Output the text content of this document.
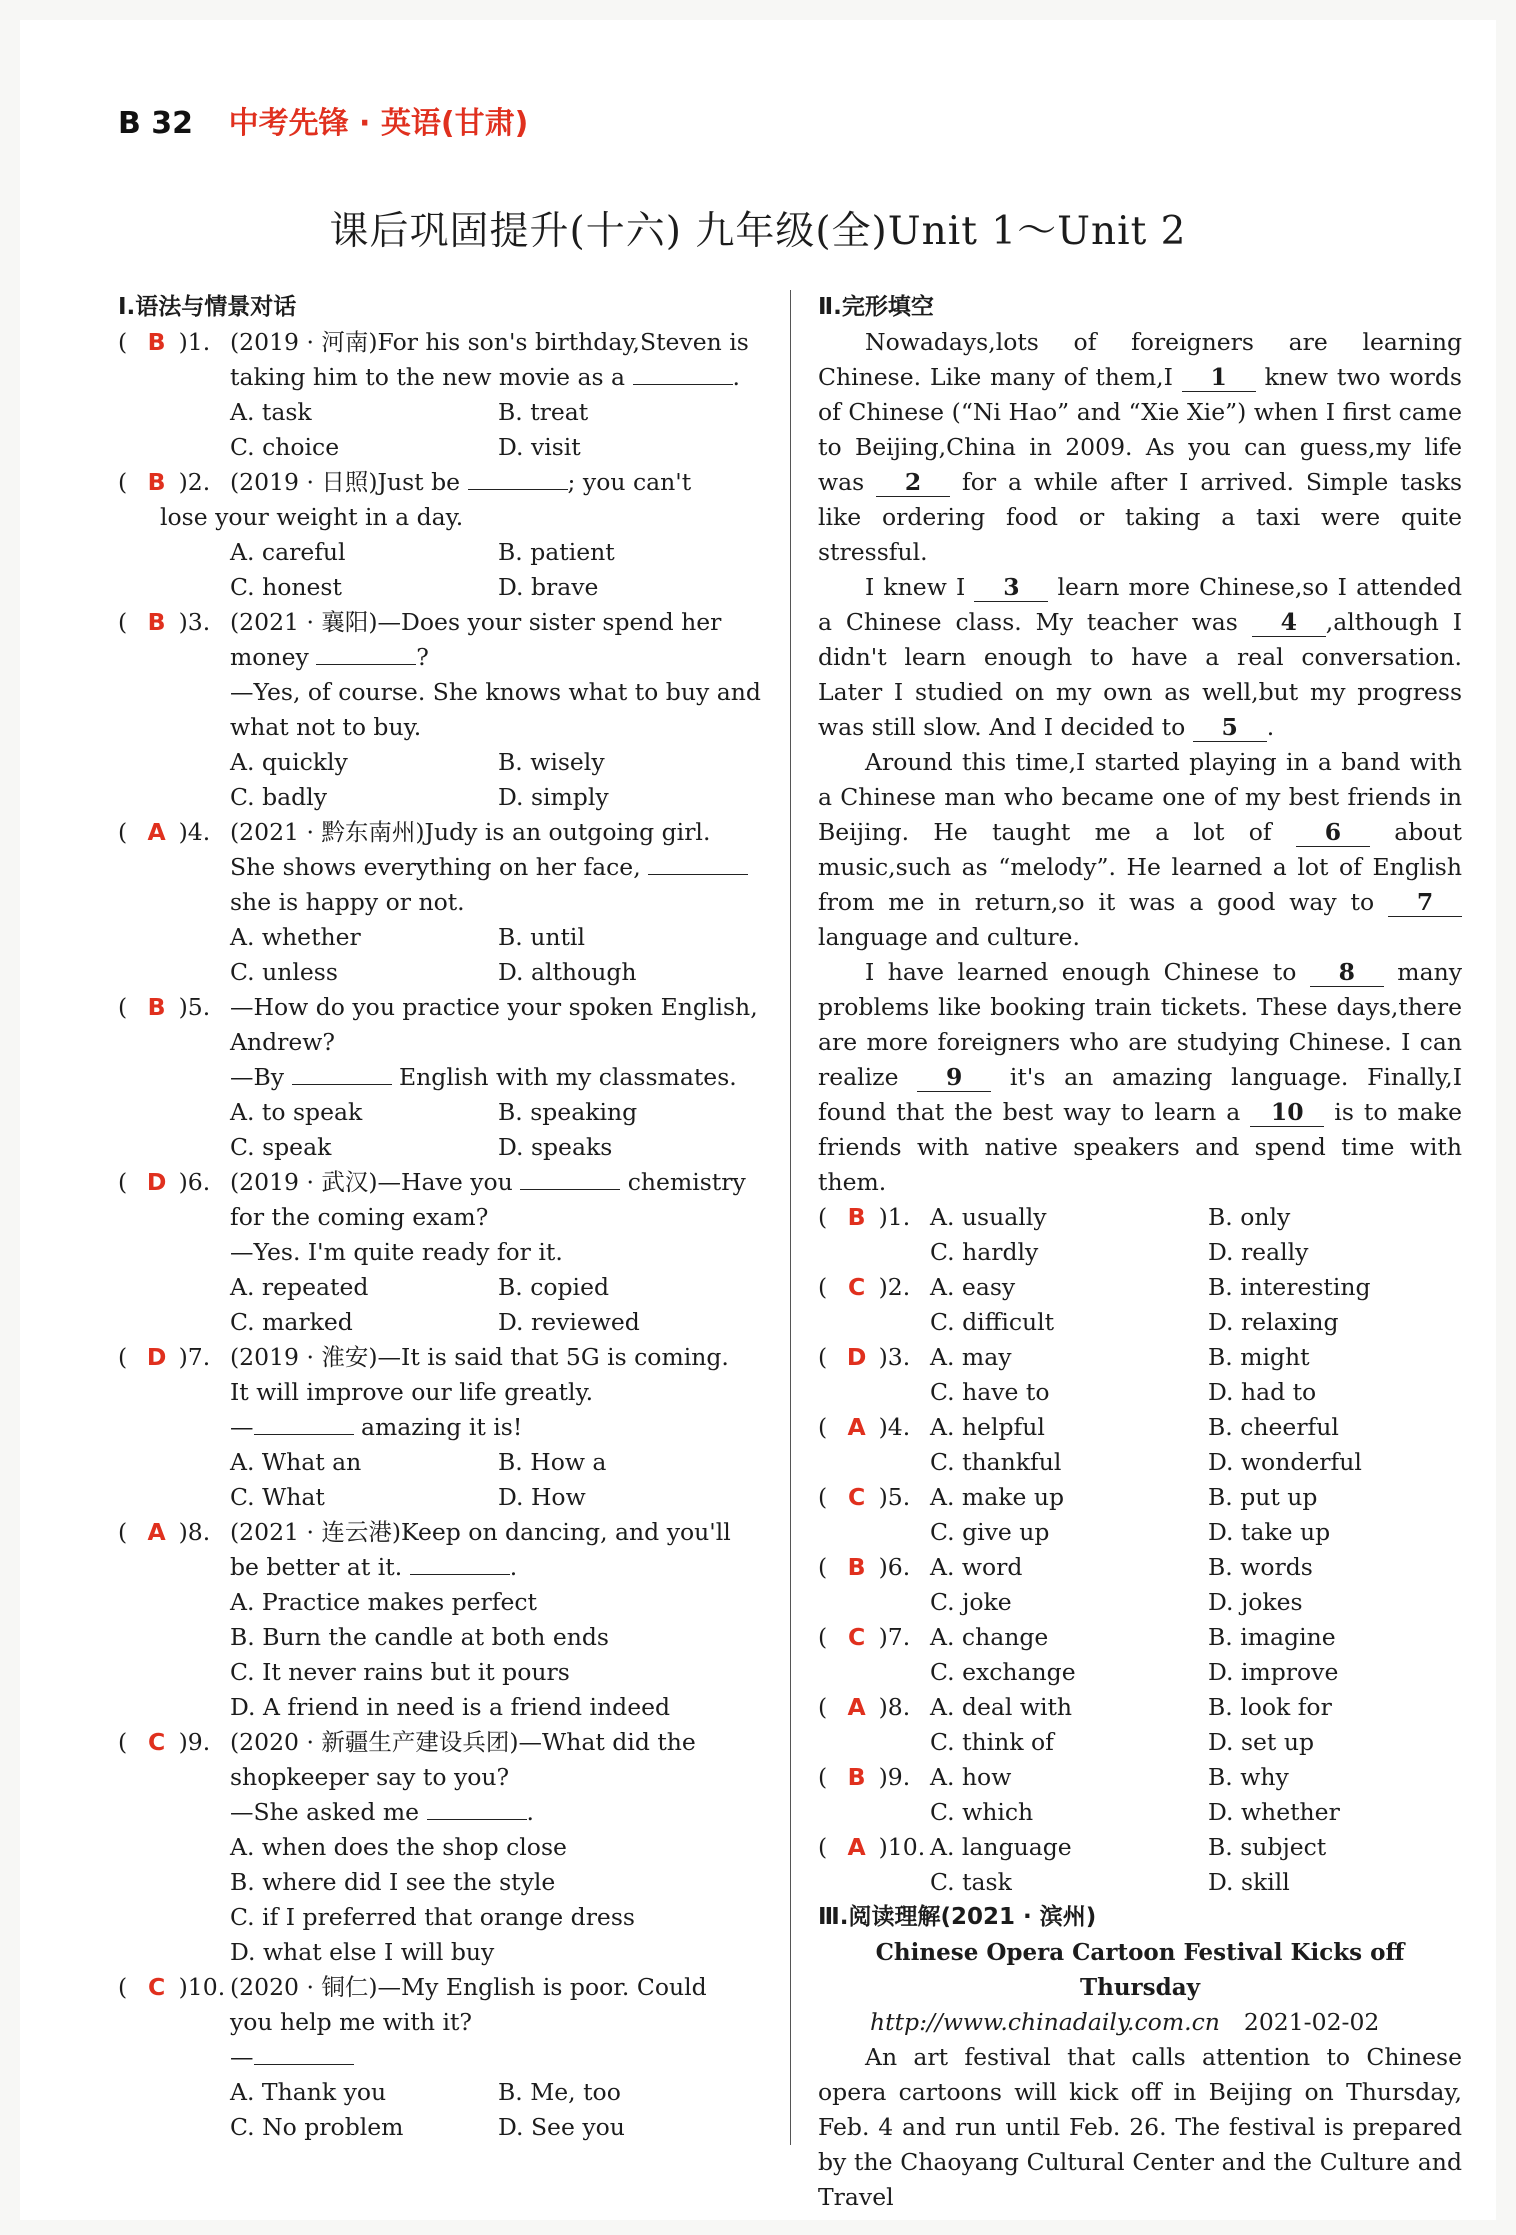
B 32 中考先锋 · 英语(甘肃)
课后巩固提升(十六) 九年级(全)Unit 1～Unit 2
Ⅰ.语法与情景对话
( B )1. (2019 · 河南)For his son's birthday,Steven is
taking him to the new movie as a	.
A. task	B. treat
C. choice	D. visit
( B )2. (2019 · 日照)Just be	; you can't
lose your weight in a day.
A. careful	B. patient
C. honest	D. brave
( B )3. (2021 · 襄阳)—Does your sister spend her
money	?
—Yes, of course. She knows what to buy and
what not to buy.
A. quickly	B. wisely
C. badly	D. simply
( A )4. (2021 · 黔东南州)Judy is an outgoing girl.
She shows everything on her face,
she is happy or not.
A. whether	B. until
C. unless	D. although
( B )5. —How do you practice your spoken English,
Andrew?
—By	English with my classmates.
A. to speak	B. speaking
C. speak	D. speaks
( D )6. (2019 · 武汉)—Have you	chemistry
for the coming exam?
—Yes. I'm quite ready for it.
A. repeated	B. copied
C. marked	D. reviewed
( D )7. (2019 · 淮安)—It is said that 5G is coming.
It will improve our life greatly.
—	amazing it is!
A. What an	B. How a
C. What	D. How
( A )8. (2021 · 连云港)Keep on dancing, and you'll
be better at it.	.
A. Practice makes perfect
B. Burn the candle at both ends
C. It never rains but it pours
D. A friend in need is a friend indeed
( C )9. (2020 · 新疆生产建设兵团)—What did the
shopkeeper say to you?
—She asked me	.
A. when does the shop close
B. where did I see the style
C. if I preferred that orange dress
D. what else I will buy
( C )10. (2020 · 铜仁)—My English is poor. Could
you help me with it?
—
A. Thank you	B. Me, too
C. No problem	D. See you
Ⅱ.完形填空
Nowadays,lots of foreigners are learning Chinese. Like many of them,I 1 knew two words of Chinese (“Ni Hao” and “Xie Xie”) when I first came to Beijing,China in 2009. As you can guess,my life was 2 for a while after I arrived. Simple tasks like ordering food or taking a taxi were quite stressful.
I knew I 3 learn more Chinese,so I attended a Chinese class. My teacher was 4 ,although I didn't learn enough to have a real conversation. Later I studied on my own as well,but my progress was still slow. And I decided to 5 .
Around this time,I started playing in a band with a Chinese man who became one of my best friends in Beijing. He taught me a lot of 6 about music,such as “melody”. He learned a lot of English from me in return,so it was a good way to 7 language and culture.
I have learned enough Chinese to 8 many problems like booking train tickets. These days,there are more foreigners who are studying Chinese. I can realize 9 it's an amazing language. Finally,I found that the best way to learn a 10 is to make friends with native speakers and spend time with them.
( B )1. A. usually	B. only
C. hardly	D. really
( C )2. A. easy	B. interesting
C. difficult	D. relaxing
( D )3. A. may	B. might
C. have to	D. had to
( A )4. A. helpful	B. cheerful
C. thankful	D. wonderful
( C )5. A. make up	B. put up
C. give up	D. take up
( B )6. A. word	B. words
C. joke	D. jokes
( C )7. A. change	B. imagine
C. exchange	D. improve
( A )8. A. deal with	B. look for
C. think of	D. set up
( B )9. A. how	B. why
C. which	D. whether
( A )10. A. language	B. subject
C. task	D. skill
Ⅲ.阅读理解(2021 · 滨州)
Chinese Opera Cartoon Festival Kicks off Thursday
http://www.chinadaily.com.cn 2021-02-02
An art festival that calls attention to Chinese opera cartoons will kick off in Beijing on Thursday, Feb. 4 and run until Feb. 26. The festival is prepared by the Chaoyang Cultural Center and the Culture and Travel
